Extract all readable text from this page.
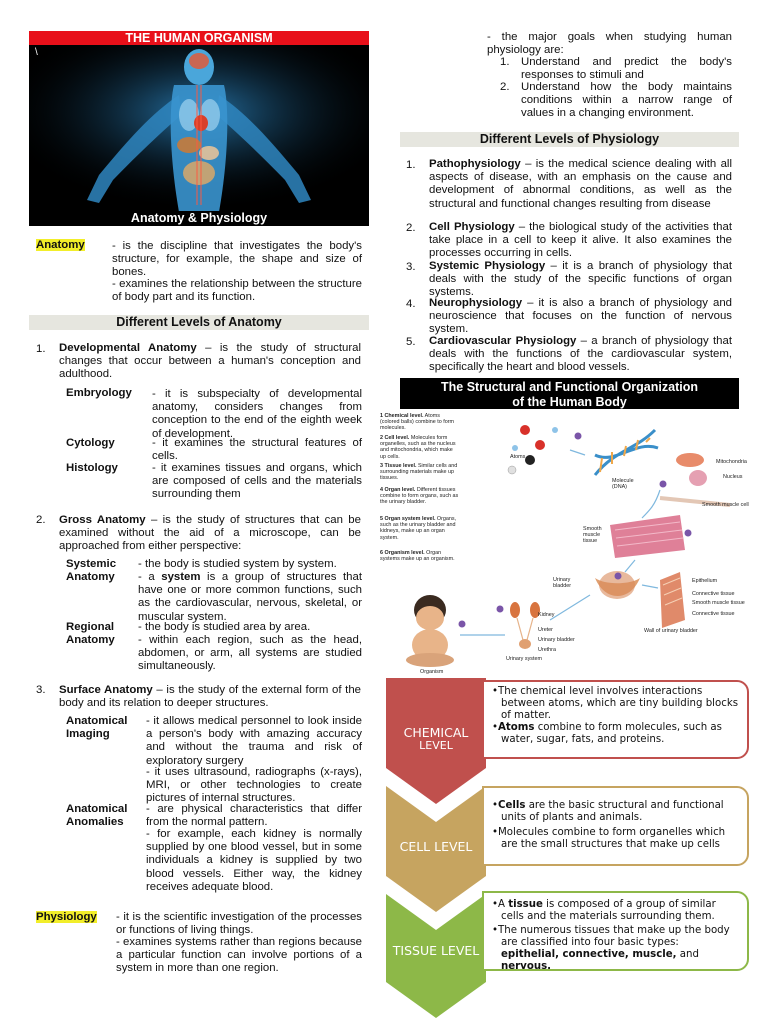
THE HUMAN ORGANISM
\
Anatomy & Physiology
Anatomy - is the discipline that investigates the body's structure, for example, the shape and size of bones.
- examines the relationship between the structure of body part and its function.
Different Levels of Anatomy
1. Developmental Anatomy – is the study of structural changes that occur between a human's conception and adulthood.
Embryology - it is subspecialty of developmental anatomy, considers changes from conception to the end of the eighth week of development.
Cytology	- it examines the structural features of cells.
Histology	- it examines tissues and organs, which are composed of cells and the materials surrounding them
2. Gross Anatomy – is the study of structures that can be examined without the aid of a microscope, can be approached from either perspective:
Systemic
Anatomy
- the body is studied system by system.
- a system is a group of structures that have one or more common functions, such as the cardiovascular, nervous, skeletal, or muscular system.
Regional
Anatomy
- the body is studied area by area.
- within each region, such as the head, abdomen, or arm, all systems are studied simultaneously.
3. Surface Anatomy – is the study of the external form of the body and its relation to deeper structures.
Anatomical
Imaging
- it allows medical personnel to look inside a person's body with amazing accuracy and without the trauma and risk of exploratory surgery
- it uses ultrasound, radiographs (x-rays), MRI, or other technologies to create pictures of internal structures.
Anatomical
Anomalies
- are physical characteristics that differ from the normal pattern.
- for example, each kidney is normally supplied by one blood vessel, but in some individuals a kidney is supplied by two blood vessels. Either way, the kidney receives adequate blood.
Physiology - it is the scientific investigation of the processes or functions of living things.
- examines systems rather than regions because a particular function can involve portions of a system in more than one region.
- the major goals when studying human physiology are:
1. Understand and predict the body's responses to stimuli and
2. Understand how the body maintains conditions within a narrow range of values in a changing environment.
Different Levels of Physiology
1. Pathophysiology – is the medical science dealing with all aspects of disease, with an emphasis on the cause and development of abnormal conditions, as well as the structural and functional changes resulting from disease
2. Cell Physiology – the biological study of the activities that take place in a cell to keep it alive. It also examines the processes occurring in cells.
3. Systemic Physiology – it is a branch of physiology that deals with the study of the specific functions of organ systems.
4. Neurophysiology – it is also a branch of physiology and neuroscience that focuses on the function of nervous system.
5. Cardiovascular Physiology – a branch of physiology that deals with the functions of the cardiovascular system, specifically the heart and blood vessels.
The Structural and Functional Organization
of the Human Body
1 Chemical level. Atoms (colored balls) combine to form molecules.
2 Cell level. Molecules form organelles, such as the nucleus and mitochondria, which make up cells.
3 Tissue level. Similar cells and surrounding materials make up tissues.
4 Organ level. Different tissues combine to form organs, such as the urinary bladder.
5 Organ system level. Organs, such as the urinary bladder and kidneys, make up an organ system.
6 Organism level. Organ systems make up an organism.
Atoms
Molecule (DNA)
Mitochondria
Nucleus
Smooth muscle cell
Smooth muscle tissue
Urinary bladder
Epithelium
Connective tissue
Smooth muscle tissue
Connective tissue
Wall of urinary bladder
Kidney
Ureter
Urinary bladder
Urethra
Urinary system
Organism
CHEMICAL
LEVEL
CELL LEVEL
TISSUE LEVEL
•The chemical level involves interactions between atoms, which are tiny building blocks of matter.
•Atoms combine to form molecules, such as water, sugar, fats, and proteins.
•Cells are the basic structural and functional units of plants and animals.
•Molecules combine to form organelles which are the small structures that make up cells
•A tissue is composed of a group of similar cells and the materials surrounding them.
•The numerous tissues that make up the body are classified into four basic types: epithelial, connective, muscle, and nervous.
